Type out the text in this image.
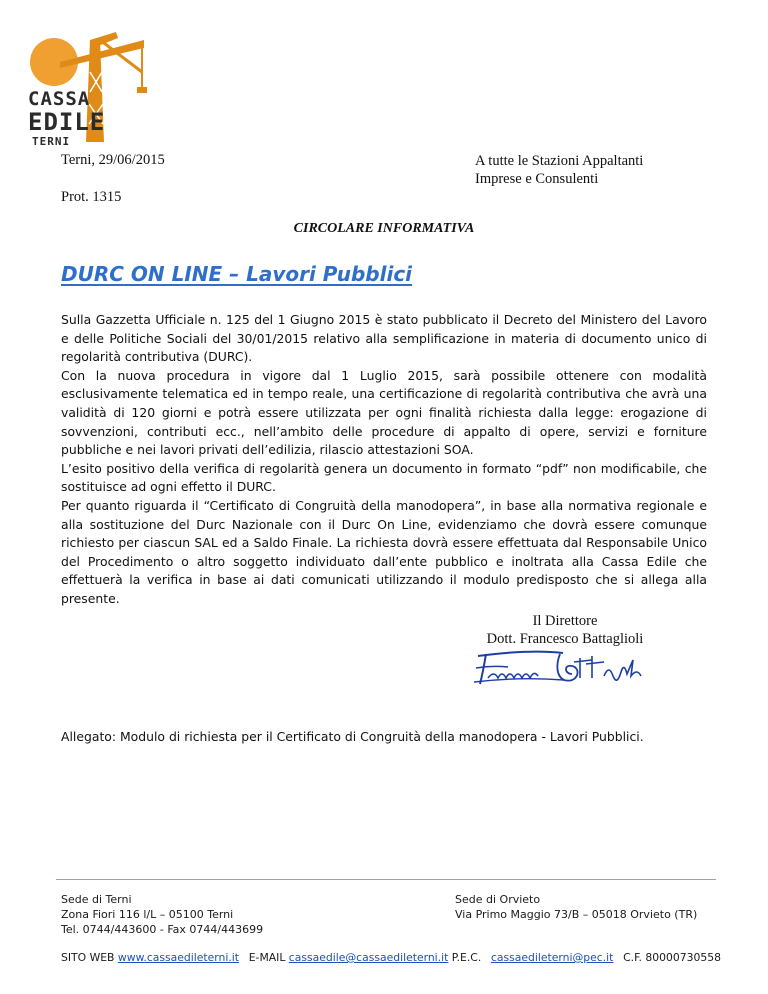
CASSA
EDILE
TERNI
Terni, 29/06/2015	A tutte le Stazioni Appaltanti
Imprese e Consulenti
Prot. 1315
CIRCOLARE INFORMATIVA
DURC ON LINE – Lavori Pubblici

Sulla Gazzetta Ufficiale n. 125 del 1 Giugno 2015 è stato pubblicato il Decreto del Ministero del Lavoro e delle Politiche Sociali del 30/01/2015 relativo alla semplificazione in materia di documento unico di regolarità contributiva (DURC).

Con la nuova procedura in vigore dal 1 Luglio 2015, sarà possibile ottenere con modalità esclusivamente telematica ed in tempo reale, una certificazione di regolarità contributiva che avrà una validità di 120 giorni e potrà essere utilizzata per ogni finalità richiesta dalla legge: erogazione di sovvenzioni, contributi ecc., nell’ambito delle procedure di appalto di opere, servizi e forniture pubbliche e nei lavori privati dell’edilizia, rilascio attestazioni SOA.

L’esito positivo della verifica di regolarità genera un documento in formato “pdf” non modificabile, che sostituisce ad ogni effetto il DURC.

Per quanto riguarda il “Certificato di Congruità della manodopera”, in base alla normativa regionale e alla sostituzione del Durc Nazionale con il Durc On Line, evidenziamo che dovrà essere comunque richiesto per ciascun SAL ed a Saldo Finale. La richiesta dovrà essere effettuata dal Responsabile Unico del Procedimento o altro soggetto individuato dall’ente pubblico e inoltrata alla Cassa Edile che effettuerà la verifica in base ai dati comunicati utilizzando il modulo predisposto che si allega alla presente.

Il Direttore
Dott. Francesco Battaglioli
Allegato: Modulo di richiesta per il Certificato di Congruità della manodopera - Lavori Pubblici.
Sede di Terni
Zona Fiori 116 l/L – 05100 Terni
Tel. 0744/443600 - Fax 0744/443699
Sede di Orvieto
Via Primo Maggio 73/B – 05018 Orvieto (TR)
SITO WEB www.cassaedileterni.it E-MAIL cassaedile@cassaedileterni.it P.E.C. cassaedileterni@pec.it C.F. 80000730558
